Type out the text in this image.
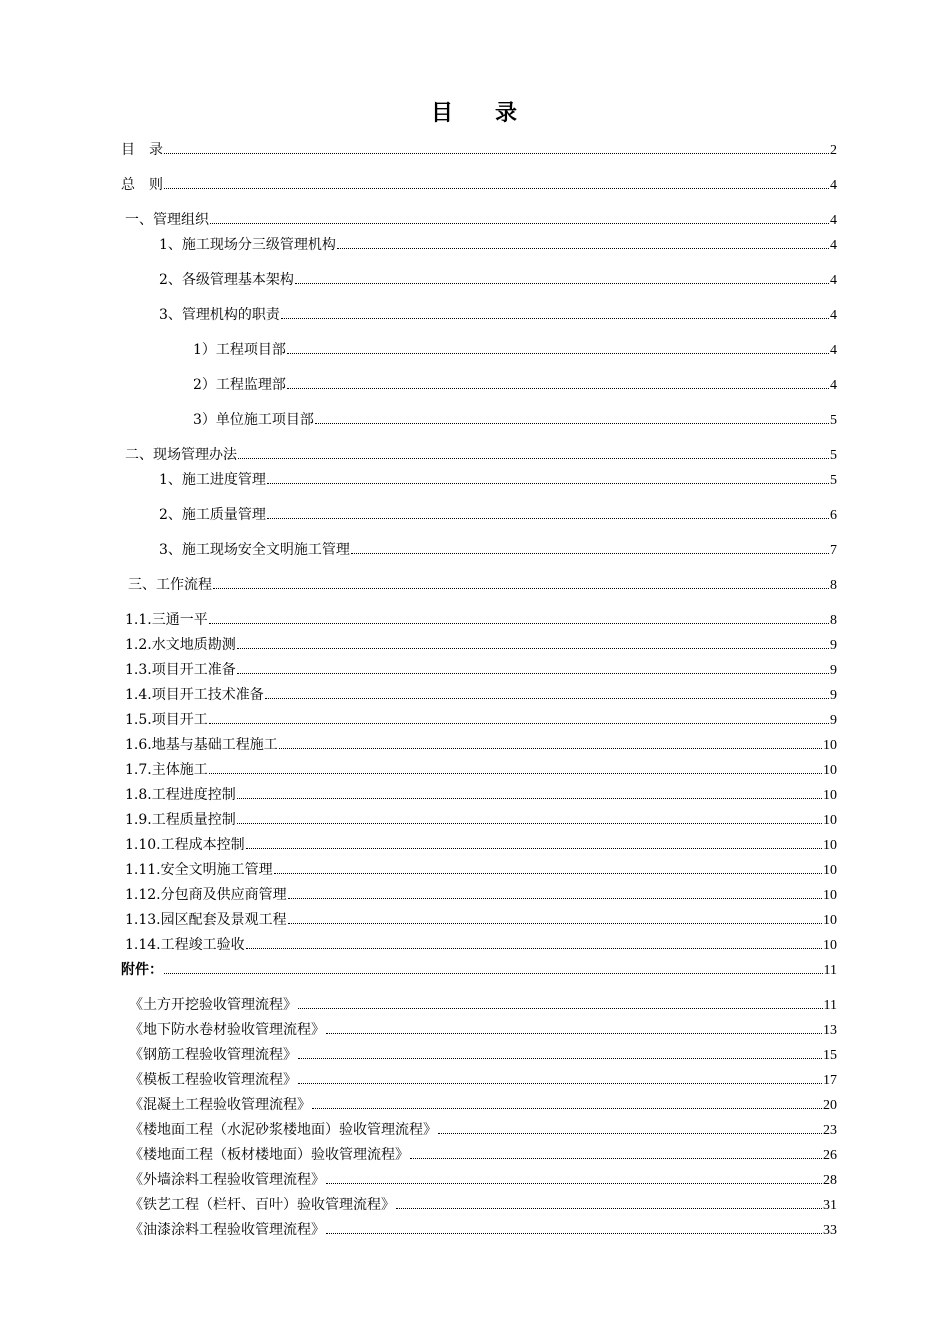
目 录
目　录	2
总　则	4
一、管理组织	4
1、施工现场分三级管理机构	4
2、各级管理基本架构	4
3、管理机构的职责	4
1）工程项目部	4
2）工程监理部	4
3）单位施工项目部	5
二、现场管理办法	5
1、施工进度管理	5
2、施工质量管理	6
3、施工现场安全文明施工管理	7
三、工作流程	8
1.1.三通一平	8
1.2.水文地质勘测	9
1.3.项目开工准备	9
1.4.项目开工技术准备	9
1.5.项目开工	9
1.6.地基与基础工程施工	10
1.7.主体施工	10
1.8.工程进度控制	10
1.9.工程质量控制	10
1.10.工程成本控制	10
1.11.安全文明施工管理	10
1.12.分包商及供应商管理	10
1.13.园区配套及景观工程	10
1.14.工程竣工验收	10
附件：	11
《土方开挖验收管理流程》	11
《地下防水卷材验收管理流程》	13
《钢筋工程验收管理流程》	15
《模板工程验收管理流程》	17
《混凝土工程验收管理流程》	20
《楼地面工程（水泥砂浆楼地面）验收管理流程》	23
《楼地面工程（板材楼地面）验收管理流程》	26
《外墙涂料工程验收管理流程》	28
《铁艺工程（栏杆、百叶）验收管理流程》	31
《油漆涂料工程验收管理流程》	33
